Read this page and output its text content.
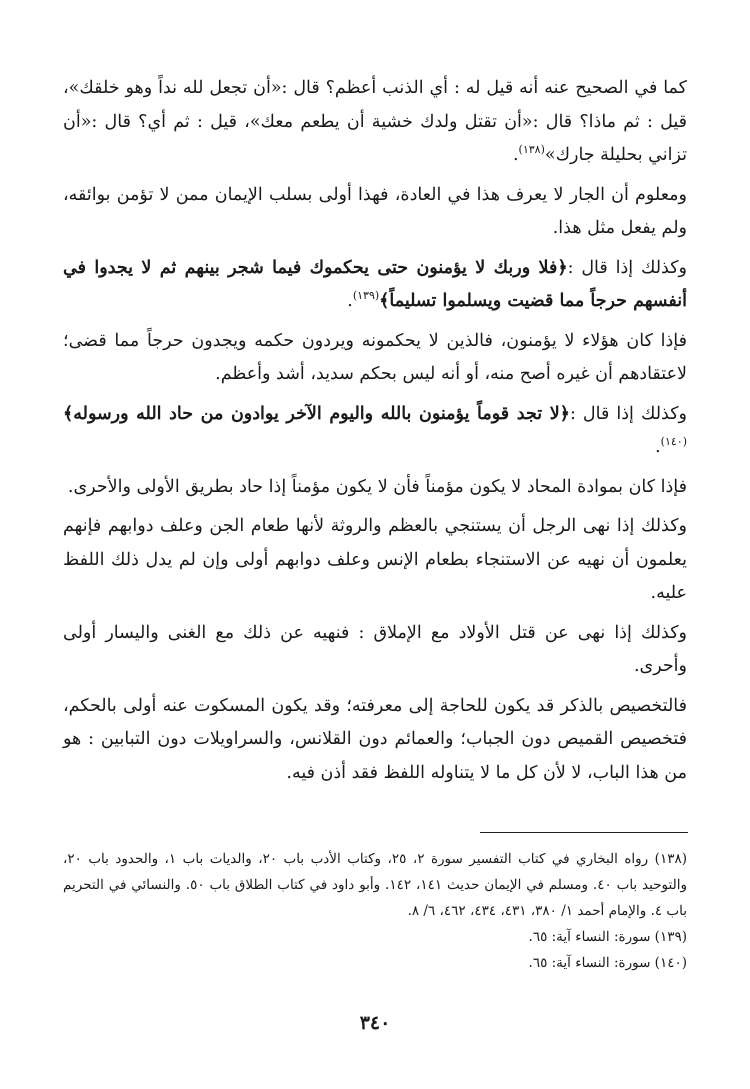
كما في الصحيح عنه أنه قيل له : أي الذنب أعظم؟ قال :«أن تجعل لله نداً وهو خلقك»، قيل : ثم ماذا؟ قال :«أن تقتل ولدك خشية أن يطعم معك»، قيل : ثم أي؟ قال :«أن تزاني بحليلة جارك»$^{(١٣٨)}$.

ومعلوم أن الجار لا يعرف هذا في العادة، فهذا أولى بسلب الإيمان ممن لا تؤمن بوائقه، ولم يفعل مثل هذا.

وكذلك إذا قال :﴿فلا وربك لا يؤمنون حتى يحكموك فيما شجر بينهم ثم لا يجدوا في أنفسهم حرجاً مما قضيت ويسلموا تسليماً﴾$^{(١٣٩)}$.

فإذا كان هؤلاء لا يؤمنون، فالذين لا يحكمونه ويردون حكمه ويجدون حرجاً مما قضى؛ لاعتقادهم أن غيره أصح منه، أو أنه ليس بحكم سديد، أشد وأعظم.

وكذلك إذا قال :﴿لا تجد قوماً يؤمنون بالله واليوم الآخر يوادون من حاد الله ورسوله﴾$^{(١٤٠)}$.

فإذا كان بموادة المحاد لا يكون مؤمناً فأن لا يكون مؤمناً إذا حاد بطريق الأولى والأحرى.

وكذلك إذا نهى الرجل أن يستنجي بالعظم والروثة لأنها طعام الجن وعلف دوابهم فإنهم يعلمون أن نهيه عن الاستنجاء بطعام الإنس وعلف دوابهم أولى وإن لم يدل ذلك اللفظ عليه.

وكذلك إذا نهى عن قتل الأولاد مع الإملاق : فنهيه عن ذلك مع الغنى واليسار أولى وأحرى.

فالتخصيص بالذكر قد يكون للحاجة إلى معرفته؛ وقد يكون المسكوت عنه أولى بالحكم، فتخصيص القميص دون الجباب؛ والعمائم دون القلانس، والسراويلات دون التبابين : هو من هذا الباب، لا لأن كل ما لا يتناوله اللفظ فقد أذن فيه.

(١٣٨) رواه البخاري في كتاب التفسير سورة ٢، ٢٥، وكتاب الأدب باب ٢٠، والديات باب ١، والحدود باب ٢٠، والتوحيد باب ٤٠. ومسلم في الإيمان حديث ١٤١، ١٤٢. وأبو داود في كتاب الطلاق باب ٥٠. والنسائي في التحريم باب ٤. والإمام أحمد ١/ ٣٨٠، ٤٣١، ٤٣٤، ٤٦٢، ٦/ ٨.

(١٣٩) سورة: النساء آية: ٦٥.

(١٤٠) سورة: النساء آية: ٦٥.

٣٤٠
